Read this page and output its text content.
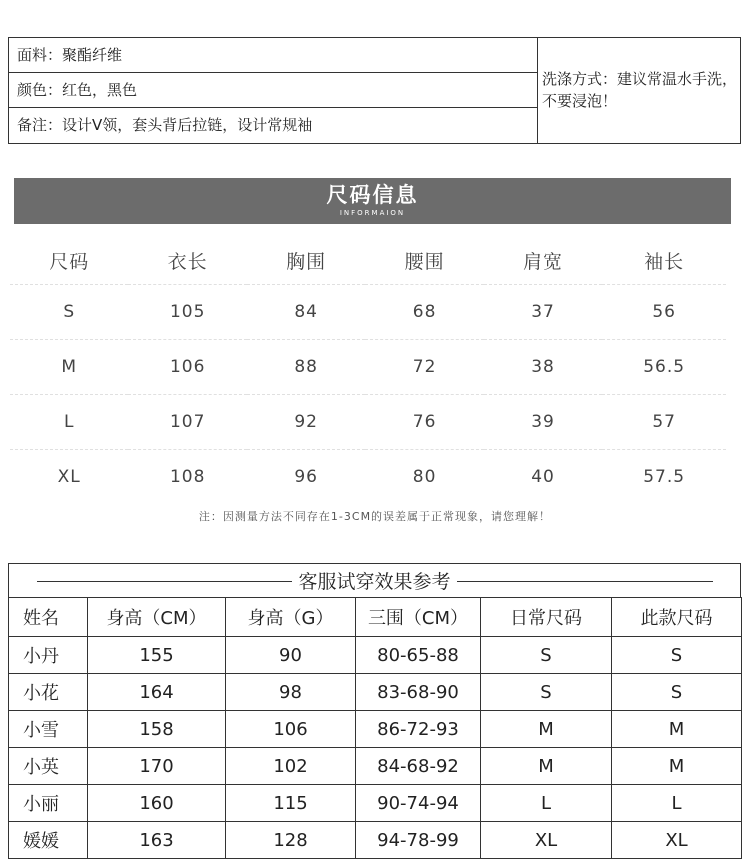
面料：聚酯纤维
颜色：红色，黑色
备注：设计V领，套头背后拉链，设计常规袖
洗涤方式：建议常温水手洗，不要浸泡！
尺码信息
INFORMAION
尺码	衣长	胸围	腰围	肩宽	袖长
S	105	84	68	37	56
M	106	88	72	38	56.5
L	107	92	76	39	57
XL	108	96	80	40	57.5
注：因测量方法不同存在1-3CM的误差属于正常现象，请您理解！
客服试穿效果参考
姓名	身高（CM）	身高（G）	三围（CM）	日常尺码	此款尺码
小丹	155	90	80-65-88	S	S
小花	164	98	83-68-90	S	S
小雪	158	106	86-72-93	M	M
小英	170	102	84-68-92	M	M
小丽	160	115	90-74-94	L	L
媛媛	163	128	94-78-99	XL	XL
